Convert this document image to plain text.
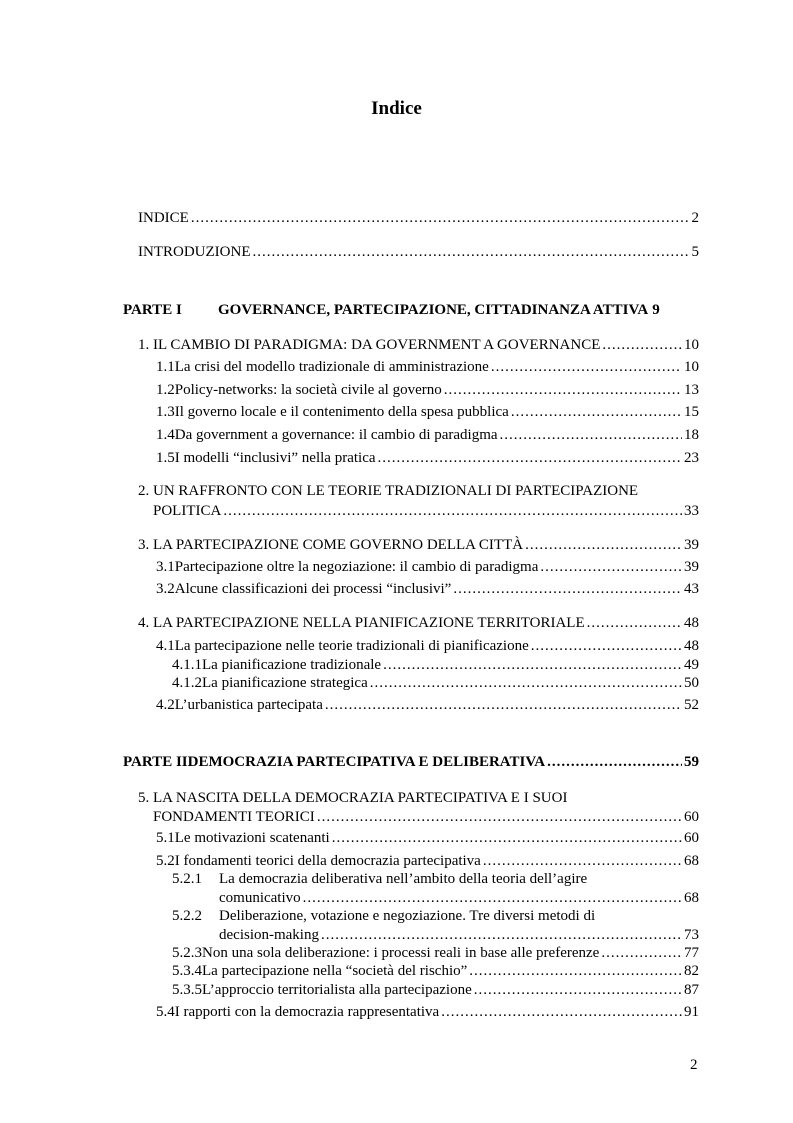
Indice
INDICE .....	2
INTRODUZIONE .....	5
PARTE I	GOVERNANCE, PARTECIPAZIONE, CITTADINANZA ATTIVA 9
1. IL CAMBIO DI PARADIGMA: DA GOVERNMENT A GOVERNANCE .....	10
1.1 La crisi del modello tradizionale di amministrazione .....	10
1.2 Policy-networks: la società civile al governo .....	13
1.3 Il governo locale e il contenimento della spesa pubblica .....	15
1.4 Da government a governance: il cambio di paradigma .....	18
1.5 I modelli “inclusivi” nella pratica .....	23
2. UN RAFFRONTO CON LE TEORIE TRADIZIONALI DI PARTECIPAZIONE
POLITICA .....	33
3. LA PARTECIPAZIONE COME GOVERNO DELLA CITTÀ .....	39
3.1 Partecipazione oltre la negoziazione: il cambio di paradigma .....	39
3.2 Alcune classificazioni dei processi “inclusivi” .....	43
4. LA PARTECIPAZIONE NELLA PIANIFICAZIONE TERRITORIALE .....	48
4.1 La partecipazione nelle teorie tradizionali di pianificazione .....	48
4.1.1 La pianificazione tradizionale .....	49
4.1.2 La pianificazione strategica .....	50
4.2 L’urbanistica partecipata .....	52
PARTE II DEMOCRAZIA PARTECIPATIVA E DELIBERATIVA .....	59
5. LA NASCITA DELLA DEMOCRAZIA PARTECIPATIVA E I SUOI
FONDAMENTI TEORICI .....	60
5.1 Le motivazioni scatenanti .....	60
5.2 I fondamenti teorici della democrazia partecipativa .....	68
5.2.1	La democrazia deliberativa nell’ambito della teoria dell’agire
comunicativo .....	68
5.2.2	Deliberazione, votazione e negoziazione. Tre diversi metodi di
decision-making .....	73
5.2.3 Non una sola deliberazione: i processi reali in base alle preferenze .....	77
5.3.4 La partecipazione nella “società del rischio” .....	82
5.3.5 L’approccio territorialista alla partecipazione .....	87
5.4 I rapporti con la democrazia rappresentativa .....	91
2
